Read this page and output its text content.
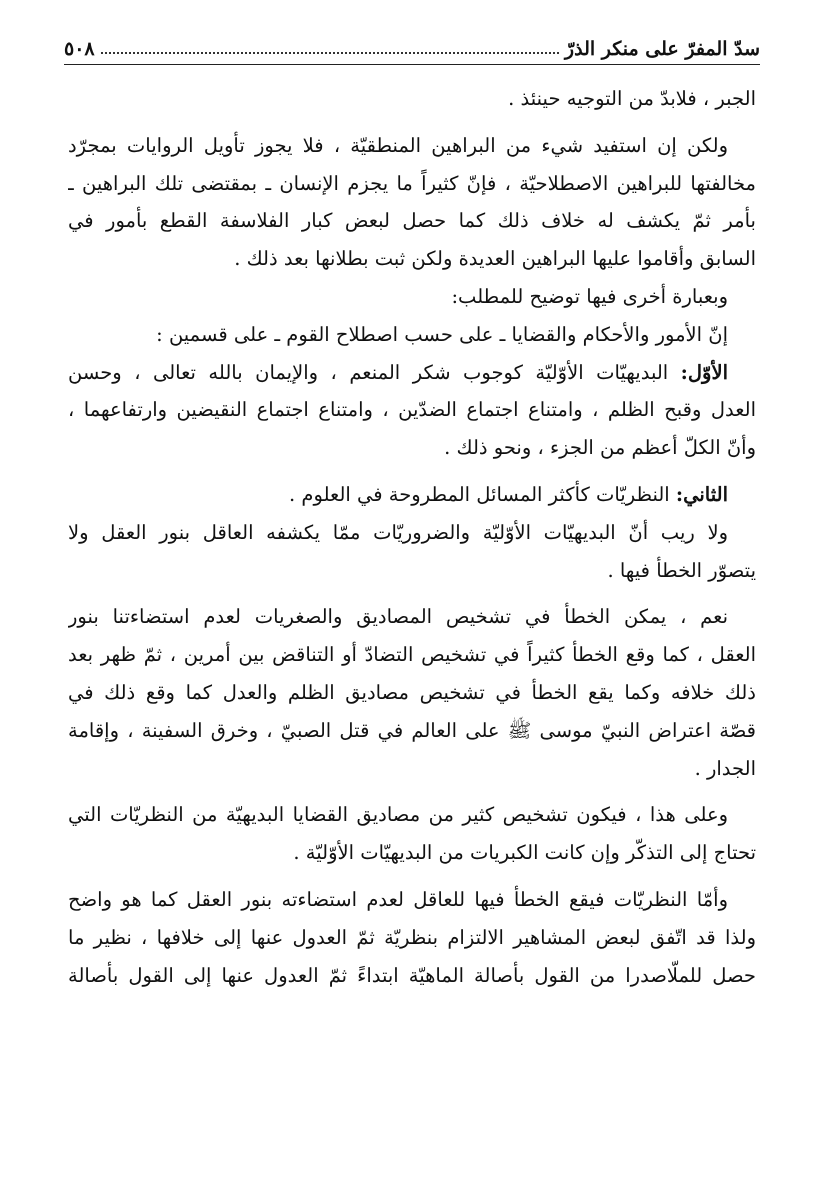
سدّ المفرّ على منكر الذرّ
٥٠٨
الجبر ، فلابدّ من التوجيه حينئذ .
ولكن إن استفيد شيء من البراهين المنطقيّة ، فلا يجوز تأويل الروايات بمجرّد
مخالفتها للبراهين الاصطلاحيّة ، فإنّ كثيراً ما يجزم الإنسان ـ بمقتضى تلك البراهين ـ
بأمر ثمّ يكشف له خلاف ذلك كما حصل لبعض كبار الفلاسفة القطع بأمور في
السابق وأقاموا عليها البراهين العديدة ولكن ثبت بطلانها بعد ذلك .
وبعبارة أخرى فيها توضيح للمطلب:
إنّ الأمور والأحكام والقضايا ـ على حسب اصطلاح القوم ـ على قسمين :
الأوّل: البديهيّات الأوّليّة كوجوب شكر المنعم ، والإيمان بالله تعالى ، وحسن
العدل وقبح الظلم ، وامتناع اجتماع الضدّين ، وامتناع اجتماع النقيضين وارتفاعهما ،
وأنّ الكلّ أعظم من الجزء ، ونحو ذلك .
الثاني: النظريّات كأكثر المسائل المطروحة في العلوم .
ولا ريب أنّ البديهيّات الأوّليّة والضروريّات ممّا يكشفه العاقل بنور العقل ولا
يتصوّر الخطأ فيها .
نعم ، يمكن الخطأ في تشخيص المصاديق والصغريات لعدم استضاءتنا بنور
العقل ، كما وقع الخطأ كثيراً في تشخيص التضادّ أو التناقض بين أمرين ، ثمّ ظهر بعد
ذلك خلافه وكما يقع الخطأ في تشخيص مصاديق الظلم والعدل كما وقع ذلك في
قصّة اعتراض النبيّ موسى ﷺ على العالم في قتل الصبيّ ، وخرق السفينة ، وإقامة
الجدار .
وعلى هذا ، فيكون تشخيص كثير من مصاديق القضايا البديهيّة من النظريّات التي
تحتاج إلى التذكّر وإن كانت الكبريات من البديهيّات الأوّليّة .
وأمّا النظريّات فيقع الخطأ فيها للعاقل لعدم استضاءته بنور العقل كما هو واضح
ولذا قد اتّفق لبعض المشاهير الالتزام بنظريّة ثمّ العدول عنها إلى خلافها ، نظير ما
حصل للملّاصدرا من القول بأصالة الماهيّة ابتداءً ثمّ العدول عنها إلى القول بأصالة
